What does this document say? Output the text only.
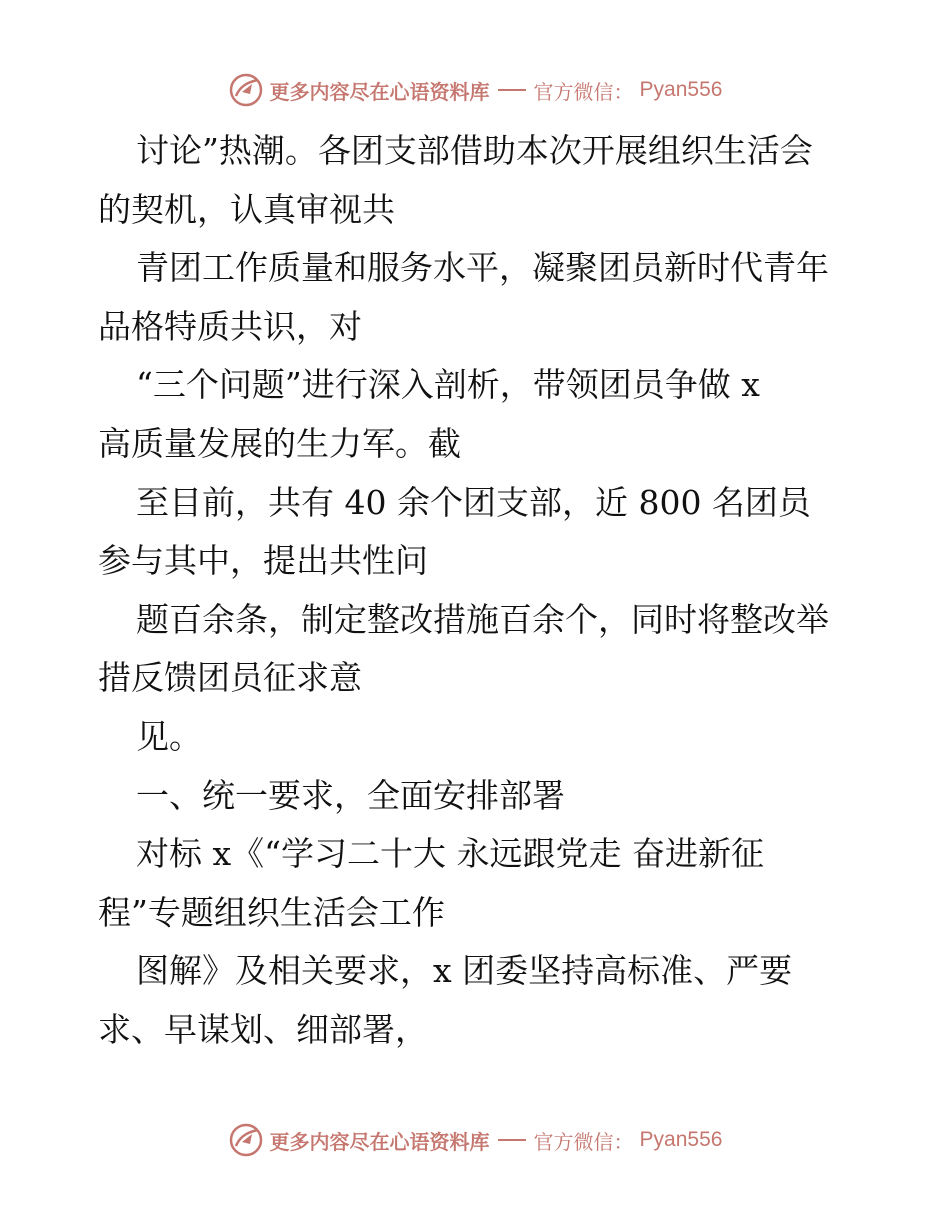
更多内容尽在心语资料库 官方微信： Pyan556
讨论”热潮。各团支部借助本次开展组织生活会
的契机，认真审视共
青团工作质量和服务水平，凝聚团员新时代青年
品格特质共识，对
“三个问题”进行深入剖析，带领团员争做 x
高质量发展的生力军。截
至目前，共有 40 余个团支部，近 800 名团员
参与其中，提出共性问
题百余条，制定整改措施百余个，同时将整改举
措反馈团员征求意
见。
一、统一要求，全面安排部署
对标 x《“学习二十大 永远跟党走 奋进新征
程”专题组织生活会工作
图解》及相关要求，x 团委坚持高标准、严要
求、早谋划、细部署，
更多内容尽在心语资料库 官方微信： Pyan556
